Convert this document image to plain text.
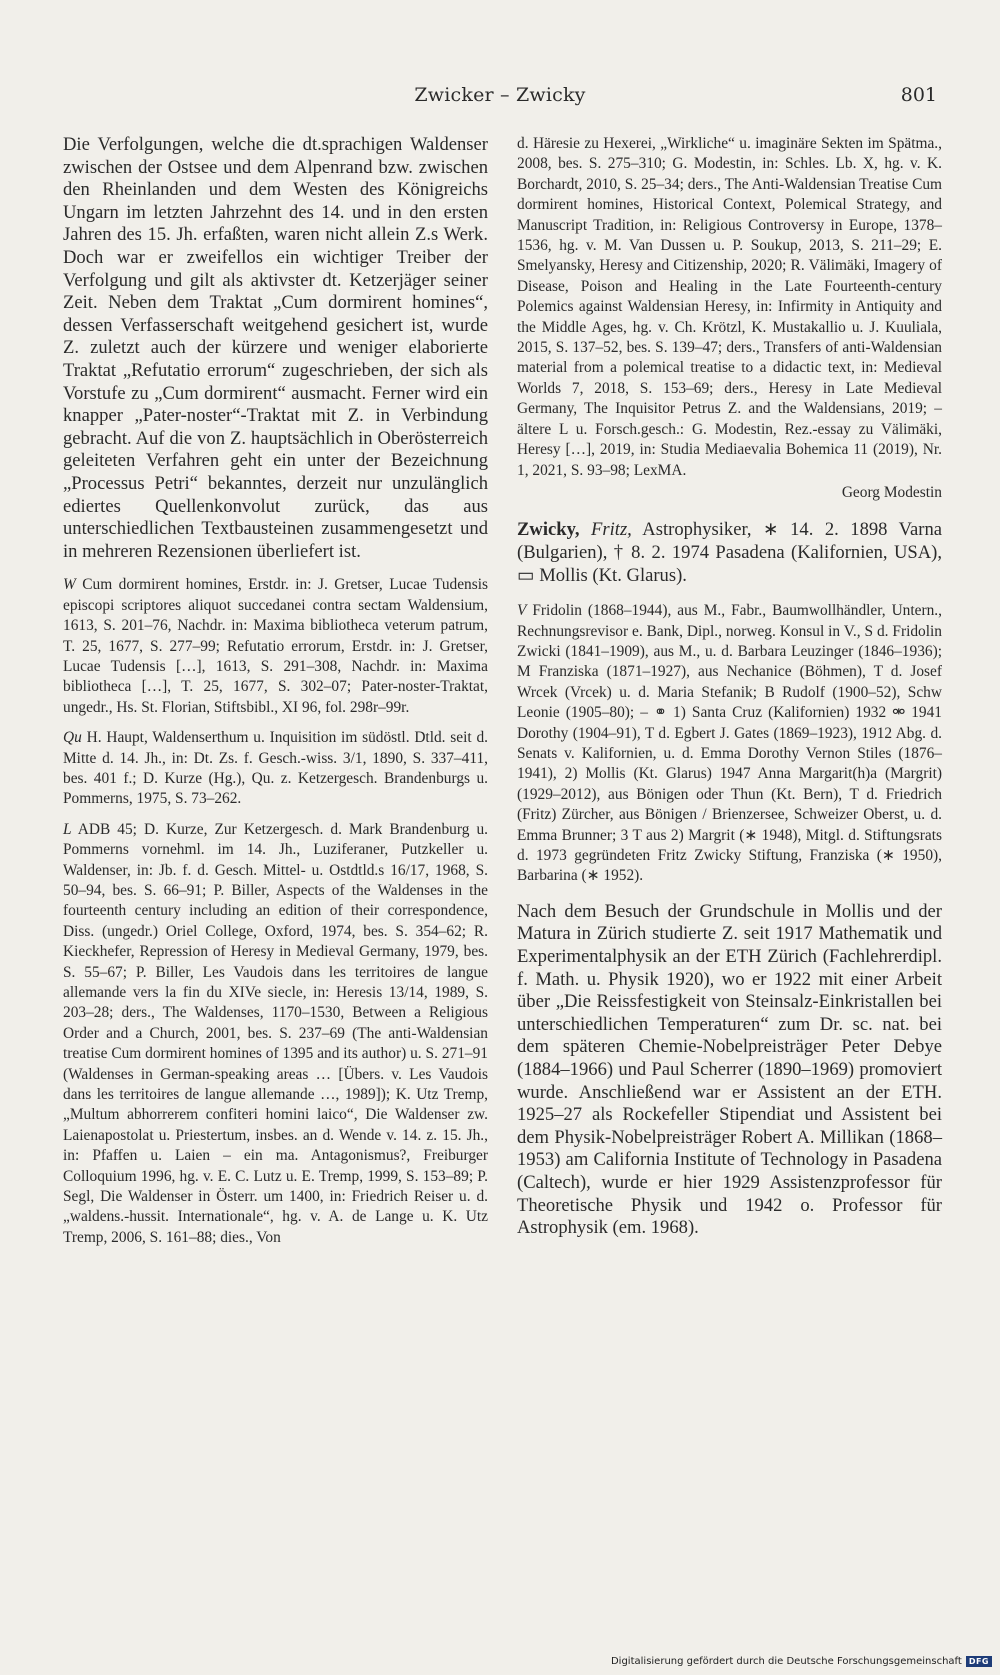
Zwicker – Zwicky	801

Die Verfolgungen, welche die dt.sprachigen Waldenser zwischen der Ostsee und dem Alpenrand bzw. zwischen den Rheinlanden und dem Westen des Königreichs Ungarn im letzten Jahrzehnt des 14. und in den ersten Jahren des 15. Jh. erfaßten, waren nicht allein Z.s Werk. Doch war er zweifellos ein wichtiger Treiber der Verfolgung und gilt als aktivster dt. Ketzerjäger seiner Zeit. Neben dem Traktat „Cum dormirent homines“, dessen Verfasserschaft weitgehend gesichert ist, wurde Z. zuletzt auch der kürzere und weniger elaborierte Traktat „Refutatio errorum“ zugeschrieben, der sich als Vorstufe zu „Cum dormirent“ ausmacht. Ferner wird ein knapper „Pater-noster“-Traktat mit Z. in Verbindung gebracht. Auf die von Z. hauptsächlich in Oberösterreich geleiteten Verfahren geht ein unter der Bezeichnung „Processus Petri“ bekanntes, derzeit nur unzulänglich ediertes Quellenkonvolut zurück, das aus unterschiedlichen Textbausteinen zusammengesetzt und in mehreren Rezensionen überliefert ist.

W Cum dormirent homines, Erstdr. in: J. Gretser, Lucae Tudensis episcopi scriptores aliquot succedanei contra sectam Waldensium, 1613, S. 201–76, Nachdr. in: Maxima bibliotheca veterum patrum, T. 25, 1677, S. 277–99; Refutatio errorum, Erstdr. in: J. Gretser, Lucae Tudensis […], 1613, S. 291–308, Nachdr. in: Maxima bibliotheca […], T. 25, 1677, S. 302–07; Pater-noster-Traktat, ungedr., Hs. St. Florian, Stiftsbibl., XI 96, fol. 298r–99r.

Qu H. Haupt, Waldenserthum u. Inquisition im südöstl. Dtld. seit d. Mitte d. 14. Jh., in: Dt. Zs. f. Gesch.-wiss. 3/1, 1890, S. 337–411, bes. 401 f.; D. Kurze (Hg.), Qu. z. Ketzergesch. Brandenburgs u. Pommerns, 1975, S. 73–262.

L ADB 45; D. Kurze, Zur Ketzergesch. d. Mark Brandenburg u. Pommerns vornehml. im 14. Jh., Luziferaner, Putzkeller u. Waldenser, in: Jb. f. d. Gesch. Mittel- u. Ostdtld.s 16/17, 1968, S. 50–94, bes. S. 66–91; P. Biller, Aspects of the Waldenses in the fourteenth century including an edition of their correspondence, Diss. (ungedr.) Oriel College, Oxford, 1974, bes. S. 354–62; R. Kieckhefer, Repression of Heresy in Medieval Germany, 1979, bes. S. 55–67; P. Biller, Les Vaudois dans les territoires de langue allemande vers la fin du XIVe siecle, in: Heresis 13/14, 1989, S. 203–28; ders., The Waldenses, 1170–1530, Between a Religious Order and a Church, 2001, bes. S. 237–69 (The anti-Waldensian treatise Cum dormirent homines of 1395 and its author) u. S. 271–91 (Waldenses in German-speaking areas … [Übers. v. Les Vaudois dans les territoires de langue allemande …, 1989]); K. Utz Tremp, „Multum abhorrerem confiteri homini laico“, Die Waldenser zw. Laienapostolat u. Priestertum, insbes. an d. Wende v. 14. z. 15. Jh., in: Pfaffen u. Laien – ein ma. Antagonismus?, Freiburger Colloquium 1996, hg. v. E. C. Lutz u. E. Tremp, 1999, S. 153–89; P. Segl, Die Waldenser in Österr. um 1400, in: Friedrich Reiser u. d. „waldens.-hussit. Internationale“, hg. v. A. de Lange u. K. Utz Tremp, 2006, S. 161–88; dies., Von

d. Häresie zu Hexerei, „Wirkliche“ u. imaginäre Sekten im Spätma., 2008, bes. S. 275–310; G. Modestin, in: Schles. Lb. X, hg. v. K. Borchardt, 2010, S. 25–34; ders., The Anti-Waldensian Treatise Cum dormirent homines, Historical Context, Polemical Strategy, and Manuscript Tradition, in: Religious Controversy in Europe, 1378–1536, hg. v. M. Van Dussen u. P. Soukup, 2013, S. 211–29; E. Smelyansky, Heresy and Citizenship, 2020; R. Välimäki, Imagery of Disease, Poison and Healing in the Late Fourteenth-century Polemics against Waldensian Heresy, in: Infirmity in Antiquity and the Middle Ages, hg. v. Ch. Krötzl, K. Mustakallio u. J. Kuuliala, 2015, S. 137–52, bes. S. 139–47; ders., Transfers of anti-Waldensian material from a polemical treatise to a didactic text, in: Medieval Worlds 7, 2018, S. 153–69; ders., Heresy in Late Medieval Germany, The Inquisitor Petrus Z. and the Waldensians, 2019; – ältere L u. Forsch.gesch.: G. Modestin, Rez.-essay zu Välimäki, Heresy […], 2019, in: Studia Mediaevalia Bohemica 11 (2019), Nr. 1, 2021, S. 93–98; LexMA.

Georg Modestin

Zwicky, Fritz, Astrophysiker, ∗ 14. 2. 1898 Varna (Bulgarien), † 8. 2. 1974 Pasadena (Kalifornien, USA), ▭ Mollis (Kt. Glarus).

V Fridolin (1868–1944), aus M., Fabr., Baumwollhändler, Untern., Rechnungsrevisor e. Bank, Dipl., norweg. Konsul in V., S d. Fridolin Zwicki (1841–1909), aus M., u. d. Barbara Leuzinger (1846–1936); M Franziska (1871–1927), aus Nechanice (Böhmen), T d. Josef Wrcek (Vrcek) u. d. Maria Stefanik; B Rudolf (1900–52), Schw Leonie (1905–80); – ⚭ 1) Santa Cruz (Kalifornien) 1932 ⚮ 1941 Dorothy (1904–91), T d. Egbert J. Gates (1869–1923), 1912 Abg. d. Senats v. Kalifornien, u. d. Emma Dorothy Vernon Stiles (1876–1941), 2) Mollis (Kt. Glarus) 1947 Anna Margarit(h)a (Margrit) (1929–2012), aus Bönigen oder Thun (Kt. Bern), T d. Friedrich (Fritz) Zürcher, aus Bönigen / Brienzersee, Schweizer Oberst, u. d. Emma Brunner; 3 T aus 2) Margrit (∗ 1948), Mitgl. d. Stiftungsrats d. 1973 gegründeten Fritz Zwicky Stiftung, Franziska (∗ 1950), Barbarina (∗ 1952).

Nach dem Besuch der Grundschule in Mollis und der Matura in Zürich studierte Z. seit 1917 Mathematik und Experimentalphysik an der ETH Zürich (Fachlehrerdipl. f. Math. u. Physik 1920), wo er 1922 mit einer Arbeit über „Die Reissfestigkeit von Steinsalz-Einkristallen bei unterschiedlichen Temperaturen“ zum Dr. sc. nat. bei dem späteren Chemie-Nobelpreisträger Peter Debye (1884–1966) und Paul Scherrer (1890–1969) promoviert wurde. Anschließend war er Assistent an der ETH. 1925–27 als Rockefeller Stipendiat und Assistent bei dem Physik-Nobelpreisträger Robert A. Millikan (1868–1953) am California Institute of Technology in Pasadena (Caltech), wurde er hier 1929 Assistenzprofessor für Theoretische Physik und 1942 o. Professor für Astrophysik (em. 1968).

Digitalisierung gefördert durch die Deutsche Forschungsgemeinschaft DFG
